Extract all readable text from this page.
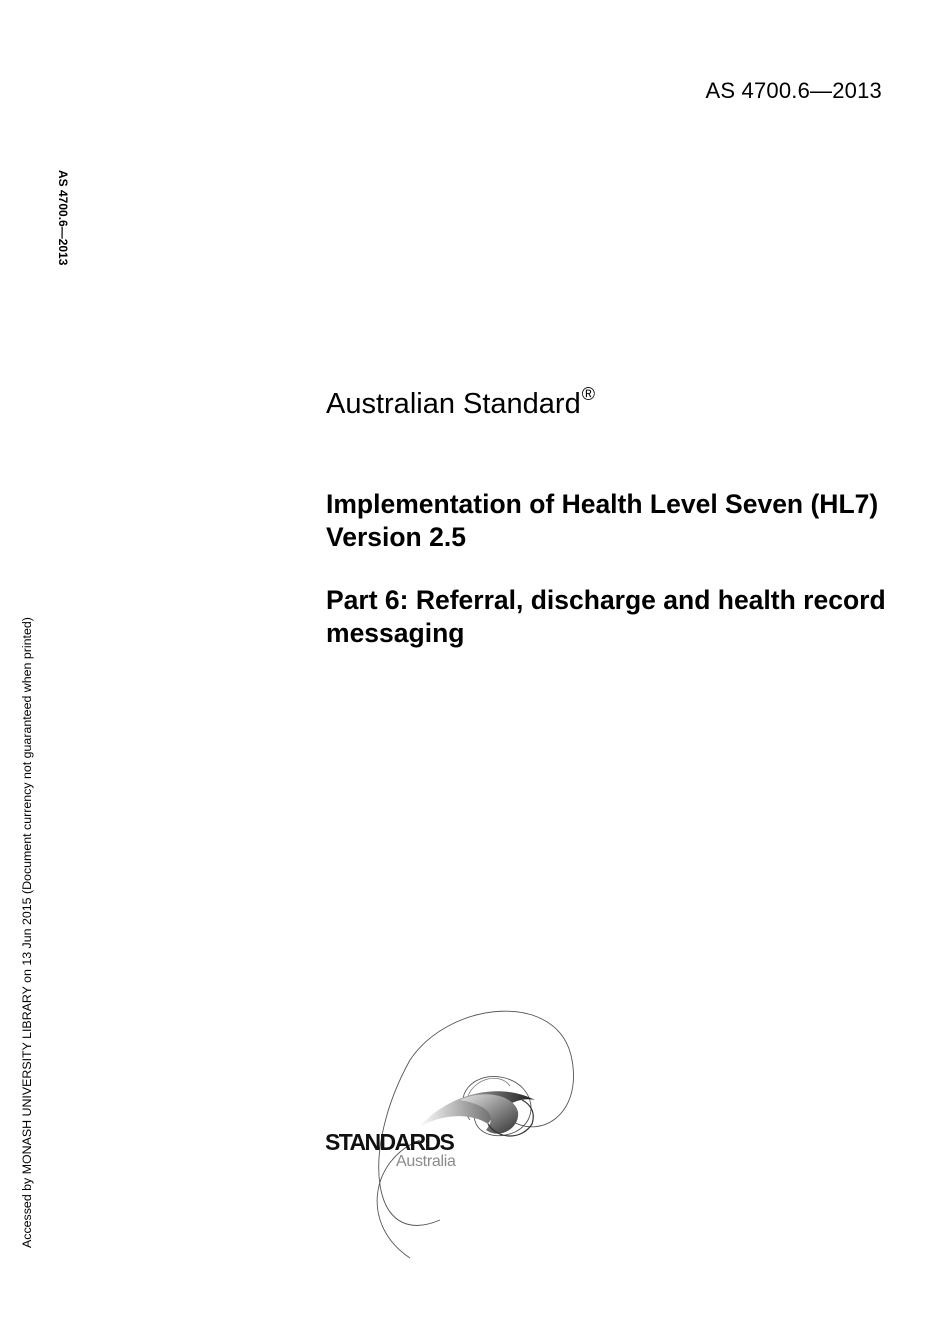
AS 4700.6—2013
AS 4700.6—2013
Accessed by MONASH UNIVERSITY LIBRARY on 13 Jun 2015 (Document currency not guaranteed when printed)
Australian Standard®
Implementation of Health Level Seven (HL7) Version 2.5
Part 6: Referral, discharge and health record messaging
STANDARDS
Australia
